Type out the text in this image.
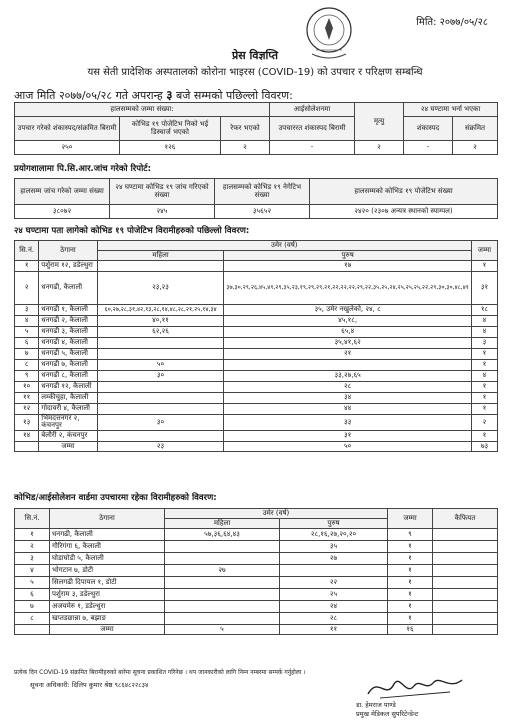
मिति: २०७७/०५/२८
प्रेस विज्ञप्ति
यस सेती प्रादेशिक अस्पतालको कोरोना भाइरस (COVID-19) को उपचार र परिक्षण सम्बन्धि
आज मिति २०७७/०५/२८ गते अपरान्ह ३ बजे सम्मको पछिल्लो विवरण:
हालसम्मको जम्मा संख्या:			आईसोलेशनमा	मृत्यु	२४ घण्टामा भर्ना भएका	
उपचार गरेको शंकास्पद/संक्रमित बिरामी	कोभिड १९ पोजेटिभ निको भई डिस्चार्ज भएको	रेफर भएको	उपचाररत शंकास्पद बिरामी		शंकास्पद	संक्रमित
२५०	१२६	२	-	२	-	२
प्रयोगशालामा पि.सि.आर.जांच गरेको रिपोर्ट:
हालसम्म जांच गरेको जम्मा संख्या	२४ घण्टामा कोभिड १९ जांच गरिएको संख्या	हालसम्मको कोभिड १९ नेगेटिभ संख्या	हालसम्मको कोभिड १९ पोजेटिभ संख्या
३८०७२	२४५	३५६५२	२४२० (२३०७ अन्यत्र स्थानको स्याम्पल)
२४ घण्टामा पता लागेको कोभिड १९ पोजेटिभ विरामीहरुको पछिल्लो विवरण:
सि.नं.	ठेगाना	उमेर (वर्ष)		जम्मा
		महिला	पुरुष	
१	पर्शुराम १२, डडेल्धुरा		१७	१
२	धनगढी, कैलाली	२३,२३	३७,३०,२९,२६,४५,४९,२९,३५,२३,१९,२९,२९,२१,२२,२२,२२,२९,२२,३५,२५,२४,२५,२५,२५,२२,२९,३०,३०,४८,४१	३१
३	धनगढी १, कैलाली	६०,२७,२८,३१,४२,१३,२८,१४,४८,२८,२१,२५,१४,३४	३५, उमेर नखुलेको, २४, ८	१८
४	धनगढी २, कैलाली	४०,११	४५,१८,	४
५	धनगढी ३, कैलाली	६२,२६	६५,४	४
६	धनगढी ४, कैलाली		३५,४१,६२	३
७	धनगढी ५, कैलाली		२१	१
८	धनगढी ७, कैलाली	५०		१
९	धनगढी ८, कैलाली	३०	३३,२७,६५	४
१०	धनगढी १२, कैलाली		२८	१
११	लम्कीचुहा, कैलाली		३४	१
१२	गोदावरी ४, कैलाली		४४	१
१३	भिमदत्तनगर २, कंचनपुर	३०	३३	२
१४	बेलौरी २, कंचनपुर		३१	१
	जम्मा	२३	५०	७३
कोभिड/आईसोलेशन वार्डमा उपचारमा रहेका विरामीहरुको विवरण:
सि.नं.	ठेगाना	उमेर (वर्ष)		जम्मा	कैफियत
		महिला	पुरुष		
१	धनगढी, कैलाली	५७,३६,६४,४३	२८,१६,२७,२०,२०	९	
२	गौरिगंगा ६, कैलाली		३५	१	
३	घोडाघोडी ५, कैलाली		२७	१	
४	भोगटान ७, डोटी	२७		१	
५	सिलगढी दिपायल १, डोटी		२२	१	
६	पर्शुराम ३, डडेल्धुरा		२५	१	
७	अजयमेरु १, डडेल्धुरा		२४	१	
८	खप्तडछान्ना ७, बझाङ		२८	१	
	जम्मा	५	११	१६	
प्रत्येक दिन COVID-19 संक्रमित बिरामीहरुको बारेमा सूचना प्रकाशित गरिनेछ । थप जानकारीको लागि निम्न नम्बरमा सम्पर्क गर्नुहोला ।
सूचना अधिकारी: दिलिप कुमार श्रेष्ठ ९८६४८२२८३४
डा. हेमराज पाण्डे
प्रमुख मेडिकल सुपरिटेन्डेन्ट
